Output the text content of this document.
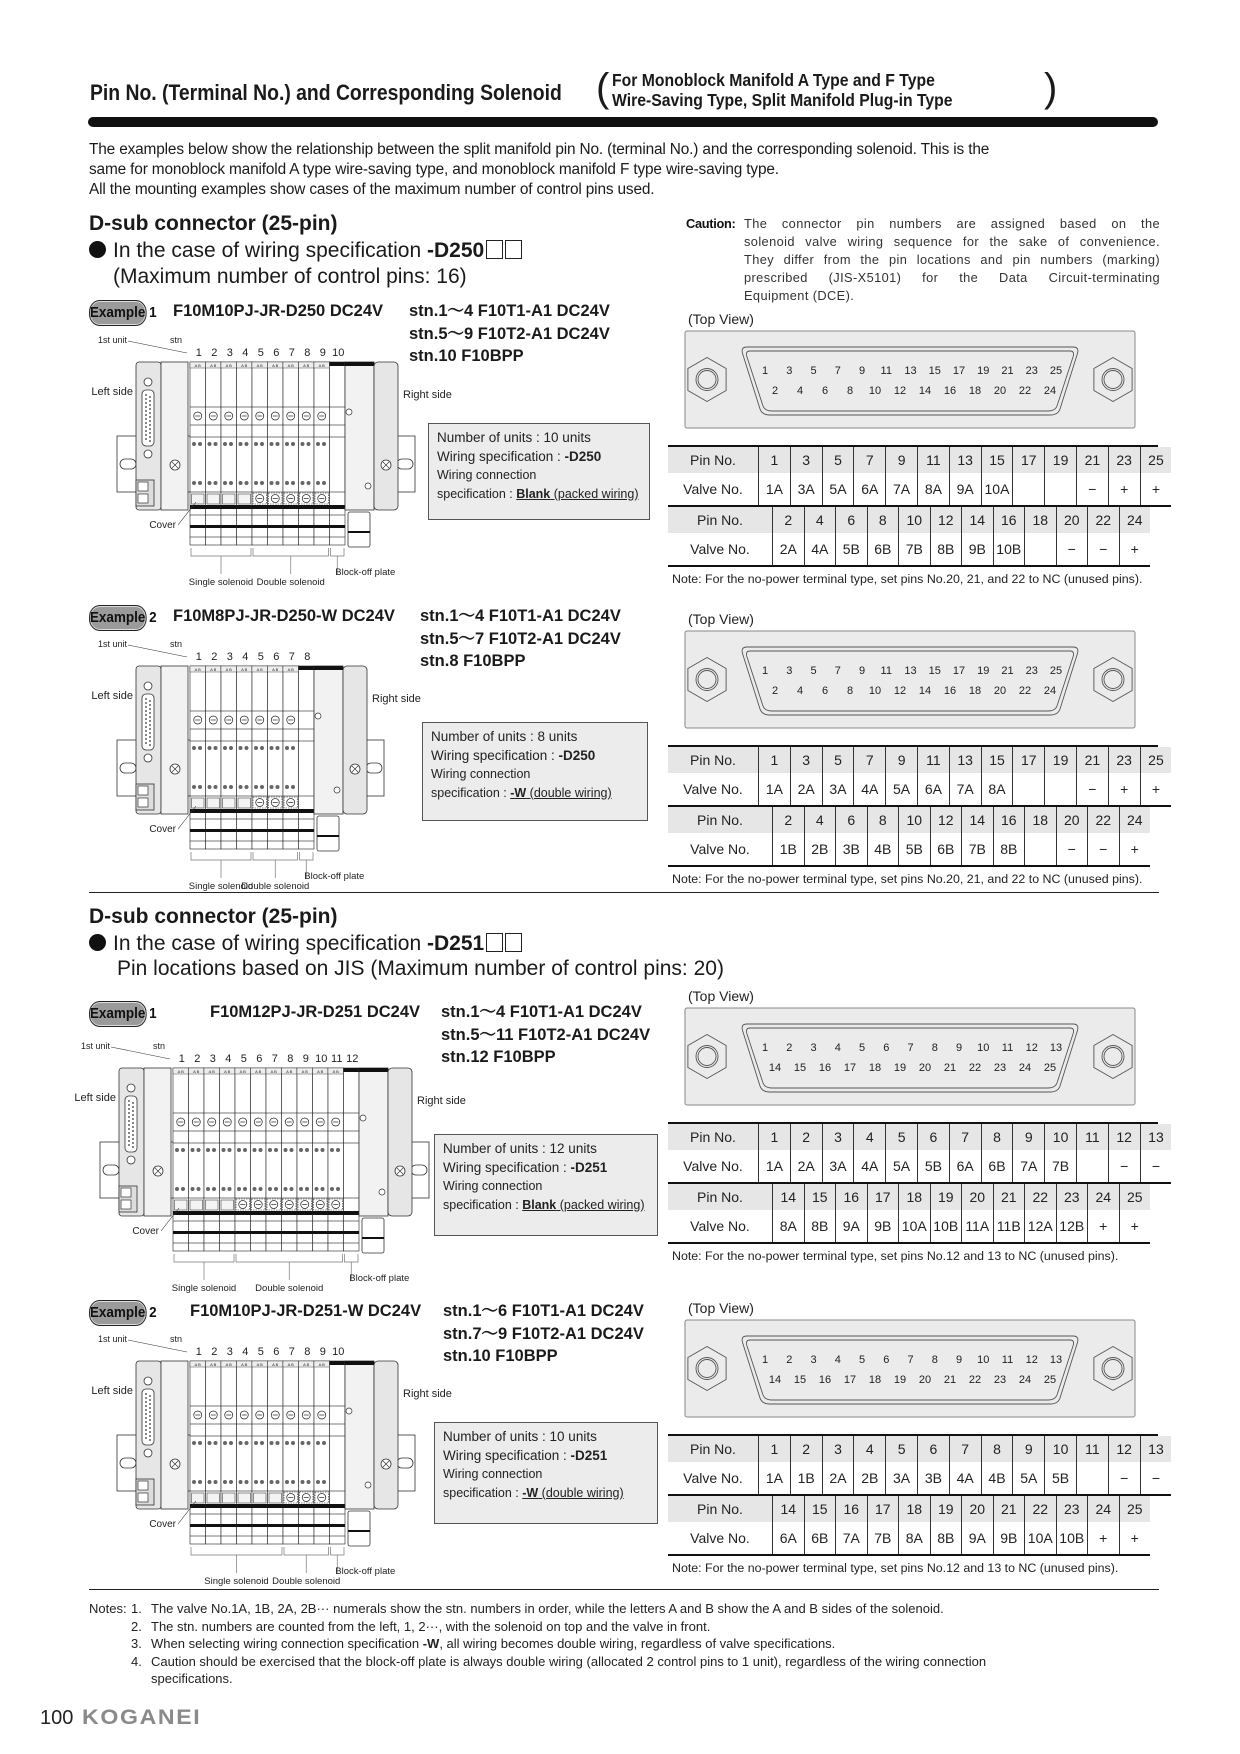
Pin No. (Terminal No.) and Corresponding Solenoid ( For Monoblock Manifold A Type and F Type
Wire-Saving Type, Split Manifold Plug-in Type )
The examples below show the relationship between the split manifold pin No. (terminal No.) and the corresponding solenoid. This is the
same for monoblock manifold A type wire-saving type, and monoblock manifold F type wire-saving type.
All the mounting examples show cases of the maximum number of control pins used.
D-sub connector (25-pin)
In the case of wiring specification -D250
(Maximum number of control pins: 16)
Caution: The connector pin numbers are assigned based on the
solenoid valve wiring sequence for the sake of convenience.
They differ from the pin locations and pin numbers (marking)
prescribed (JIS-X5101) for the Data Circuit-terminating
Equipment (DCE).
D-sub connector (25-pin)
In the case of wiring specification -D251
Pin locations based on JIS (Maximum number of control pins: 20)
Example 1 F10M10PJ-JR-D250 DC24V stn.1～4 F10T1-A1 DC24V
stn.5～9 F10T2-A1 DC24V
stn.10 F10BPP
Number of units : 10 units
Wiring specification : -D250
Wiring connection
specification : Blank (packed wiring)
(Top View)
Pin No.	1	3	5	7	9	11	13	15	17	19	21	23	25
Valve No.	1A	3A	5A	6A	7A	8A	9A	10A			−	+	+
Pin No.	2	4	6	8	10	12	14	16	18	20	22	24
Valve No.	2A	4A	5B	6B	7B	8B	9B	10B		−	−	+
Note: For the no-power terminal type, set pins No.20, 21, and 22 to NC (unused pins).
Example 2 F10M8PJ-JR-D250-W DC24V stn.1～4 F10T1-A1 DC24V
stn.5～7 F10T2-A1 DC24V
stn.8 F10BPP
Number of units : 8 units
Wiring specification : -D250
Wiring connection
specification : -W (double wiring)
(Top View)
Pin No.	1	3	5	7	9	11	13	15	17	19	21	23	25
Valve No.	1A	2A	3A	4A	5A	6A	7A	8A			−	+	+
Pin No.	2	4	6	8	10	12	14	16	18	20	22	24
Valve No.	1B	2B	3B	4B	5B	6B	7B	8B		−	−	+
Note: For the no-power terminal type, set pins No.20, 21, and 22 to NC (unused pins).
Example 1	F10M12PJ-JR-D251 DC24V stn.1～4 F10T1-A1 DC24V
stn.5～11 F10T2-A1 DC24V
stn.12 F10BPP
Number of units : 12 units
Wiring specification : -D251
Wiring connection
specification : Blank (packed wiring)
(Top View)
Pin No.	1	2	3	4	5	6	7	8	9	10	11	12	13
Valve No.	1A	2A	3A	4A	5A	5B	6A	6B	7A	7B		−	−
Pin No.	14	15	16	17	18	19	20	21	22	23	24	25
Valve No.	8A	8B	9A	9B	10A	10B	11A	11B	12A	12B	+	+
Note: For the no-power terminal type, set pins No.12 and 13 to NC (unused pins).
Example 2 F10M10PJ-JR-D251-W DC24V stn.1～6 F10T1-A1 DC24V
stn.7～9 F10T2-A1 DC24V
stn.10 F10BPP
Number of units : 10 units
Wiring specification : -D251
Wiring connection
specification : -W (double wiring)
(Top View)
Pin No.	1	2	3	4	5	6	7	8	9	10	11	12	13
Valve No.	1A	1B	2A	2B	3A	3B	4A	4B	5A	5B		−	−
Pin No.	14	15	16	17	18	19	20	21	22	23	24	25
Valve No.	6A	6B	7A	7B	8A	8B	9A	9B	10A	10B	+	+
Note: For the no-power terminal type, set pins No.12 and 13 to NC (unused pins).
1 3 5 7 9 11 13 15 17 19 21 23 25
2 4 6 8 10 12 14 16 18 20 22 24
A B
1
A B
2
A B
3
A B
4
A B
5
A B
6
A B
7
A B
8
A B
9 10
1st unit	stn
Left side	Right side
Cover
Single solenoid Double solenoid
Block-off plate
1 3 5 7 9 11 13 15 17 19 21 23 25
2 4 6 8 10 12 14 16 18 20 22 24
A B
1
A B
2
A B
3
A B
4
A B
5
A B
6
A B
7 8
1st unit	stn
Left side	Right side
Cover
Single solenoid
Double solenoid
Block-off plate
1 2 3 4 5 6 7 8 9 10 11 12 13
14 15 16 17 18 19 20 21 22 23 24 25
A B
1
A B
2
A B
3
A B
4
A B
5
A B
6
A B
7
A B
8
A B
9
A B
10
A B
11 12
1st unit	stn
Left side	Right side
Cover
Single solenoid Double solenoid
Block-off plate
1 2 3 4 5 6 7 8 9 10 11 12 13
14 15 16 17 18 19 20 21 22 23 24 25
A B
1
A B
2
A B
3
A B
4
A B
5
A B
6
A B
7
A B
8
A B
9 10
1st unit	stn
Left side	Right side
Cover
Single solenoid Double solenoid
Block-off plate
Notes: 1. The valve No.1A, 1B, 2A, 2B··· numerals show the stn. numbers in order, while the letters A and B show the A and B sides of the solenoid.
2. The stn. numbers are counted from the left, 1, 2···, with the solenoid on top and the valve in front.
3. When selecting wiring connection specification -W, all wiring becomes double wiring, regardless of valve specifications.
4. Caution should be exercised that the block-off plate is always double wiring (allocated 2 control pins to 1 unit), regardless of the wiring connection
specifications.
100 KOGANEI
